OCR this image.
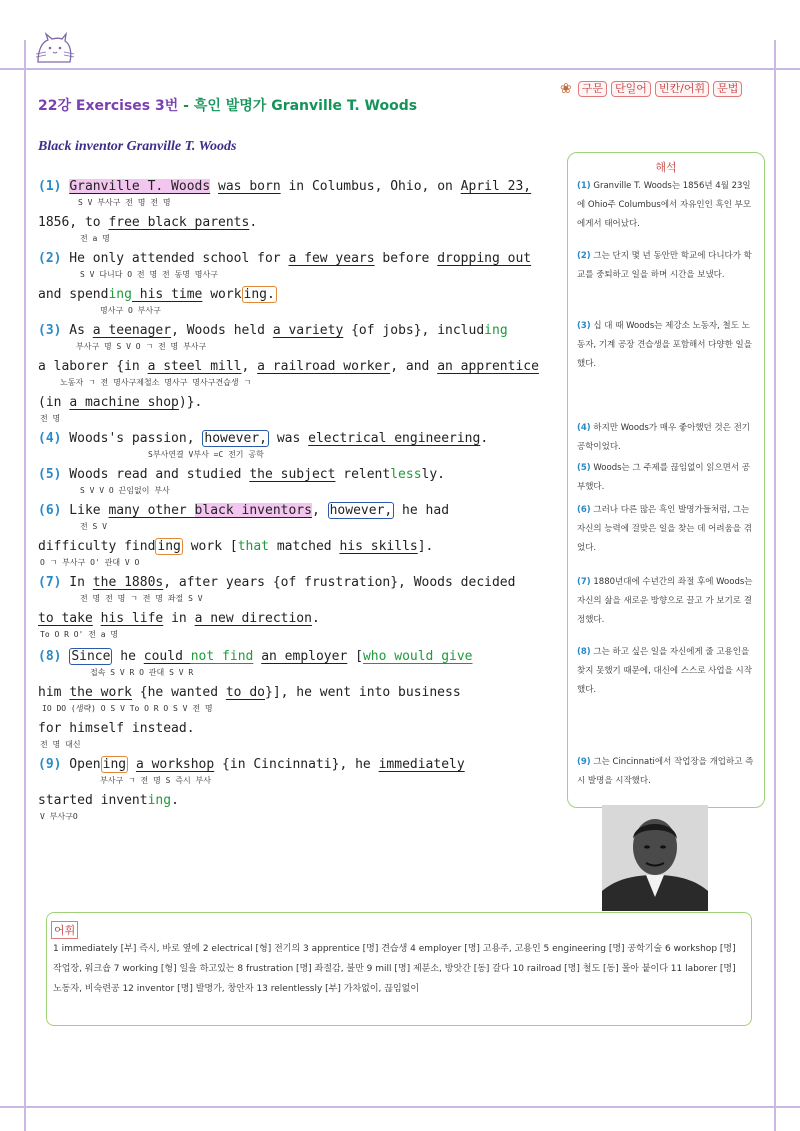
22강 Exercises 3번 - 흑인 발명가 Granville T. Woods
❀ 구문	단일어	빈칸/어휘	문법
Black inventor Granville T. Woods
(1) Granville T. Woods was born in Columbus, Ohio, on April 23,
S V 부사구 전 명 전 명
1856, to free black parents.
전 a 명
(2) He only attended school for a few years before dropping out
S V 다니다 O 전 명 전 동명 명사구
and spending his time work ing.
명사구 O 부사구
(3) As a teenager, Woods held a variety {of jobs}, including
부사구 명 S V O ㄱ 전 명 부사구
a laborer {in a steel mill, a railroad worker, and an apprentice
노동자 ㄱ 전 명사구제철소 명사구 명사구견습생 ㄱ
(in a machine shop)}.
전 명
(4) Woods's passion, however, was electrical engineering.
S부사연결 V부사 =C 전기 공학
(5) Woods read and studied the subject relentlessly.
S V V O 끈임없이 부사
(6) Like many other black inventors, however, he had
전 S V
difficulty find ing work [that matched his skills].
O ㄱ 부사구 O' 관대 V O
(7) In the 1880s, after years {of frustration}, Woods decided
전 명 전 명 ㄱ 전 명 좌절 S V
to take his life in a new direction.
To O R O' 전 a 명
(8) Since he could not find an employer [who would give
접속 S V R O 관대 S V R
him the work {he wanted to do}], he went into business
IO DO (생략) O S V To O R O S V 전 명
for himself instead.
전 명 대신
(9) Open ing a workshop {in Cincinnati}, he immediately
부사구 ㄱ 전 명 S 즉시 부사
started inventing.
V 부사구O
해석
(1) Granville T. Woods는 1856년 4월 23일에 Ohio주 Columbus에서 자유인인 흑인 부모에게서 태어났다.
(2) 그는 단지 몇 년 동안만 학교에 다니다가 학교를 중퇴하고 일을 하며 시간을 보냈다.
(3) 십 대 때 Woods는 제강소 노동자, 철도 노동자, 기계 공장 견습생을 포함해서 다양한 일을 했다.
(4) 하지만 Woods가 매우 좋아했던 것은 전기 공학이었다.
(5) Woods는 그 주제를 끊임없이 읽으면서 공부했다.
(6) 그러나 다른 많은 흑인 발명가들처럼, 그는 자신의 능력에 걸맞은 일을 찾는 데 어려움을 겪었다.
(7) 1880년대에 수년간의 좌절 후에 Woods는 자신의 삶을 새로운 방향으로 끌고 가 보기로 결정했다.
(8) 그는 하고 싶은 일을 자신에게 줄 고용인을 찾지 못했기 때문에, 대신에 스스로 사업을 시작했다.
(9) 그는 Cincinnati에서 작업장을 개업하고 즉시 발명을 시작했다.
어휘
1 immediately [부] 즉시, 바로 옆에 2 electrical [형] 전기의 3 apprentice [명] 견습생 4 employer [명] 고용주, 고용인 5 engineering [명] 공학기술 6 workshop [명] 작업장, 워크숍 7 working [형] 일을 하고있는 8 frustration [명] 좌절감, 불만 9 mill [명] 제분소, 방앗간 [동] 갈다 10 railroad [명] 철도 [동] 몰아 붙이다 11 laborer [명] 노동자, 비숙련공 12 inventor [명] 발명가, 창안자 13 relentlessly [부] 가차없이, 끊임없이
